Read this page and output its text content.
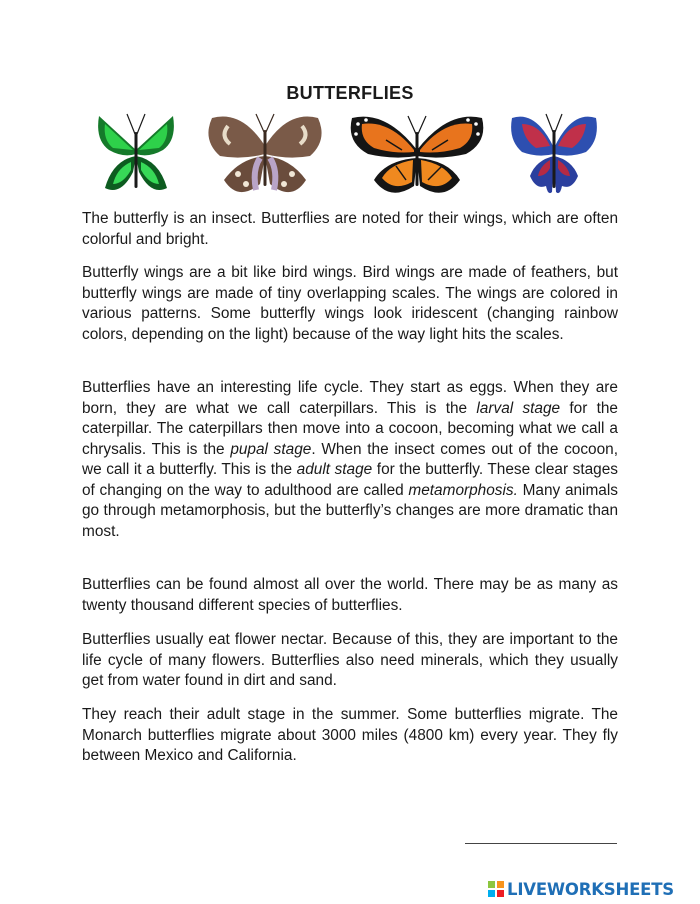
BUTTERFLIES

The butterfly is an insect. Butterflies are noted for their wings, which are often colorful and bright.

Butterfly wings are a bit like bird wings. Bird wings are made of feathers, but butterfly wings are made of tiny overlapping scales. The wings are colored in various patterns. Some butterfly wings look iridescent (changing rainbow colors, depending on the light) because of the way light hits the scales.

Butterflies have an interesting life cycle. They start as eggs. When they are born, they are what we call caterpillars. This is the larval stage for the caterpillar. The caterpillars then move into a cocoon, becoming what we call a chrysalis. This is the pupal stage. When the insect comes out of the cocoon, we call it a butterfly. This is the adult stage for the butterfly. These clear stages of changing on the way to adulthood are called metamorphosis. Many animals go through metamorphosis, but the butterfly’s changes are more dramatic than most.

Butterflies can be found almost all over the world. There may be as many as twenty thousand different species of butterflies.

Butterflies usually eat flower nectar. Because of this, they are important to the life cycle of many flowers. Butterflies also need minerals, which they usually get from water found in dirt and sand.

They reach their adult stage in the summer. Some butterflies migrate. The Monarch butterflies migrate about 3000 miles (4800 km) every year. They fly between Mexico and California.

LIVEWORKSHEETS
